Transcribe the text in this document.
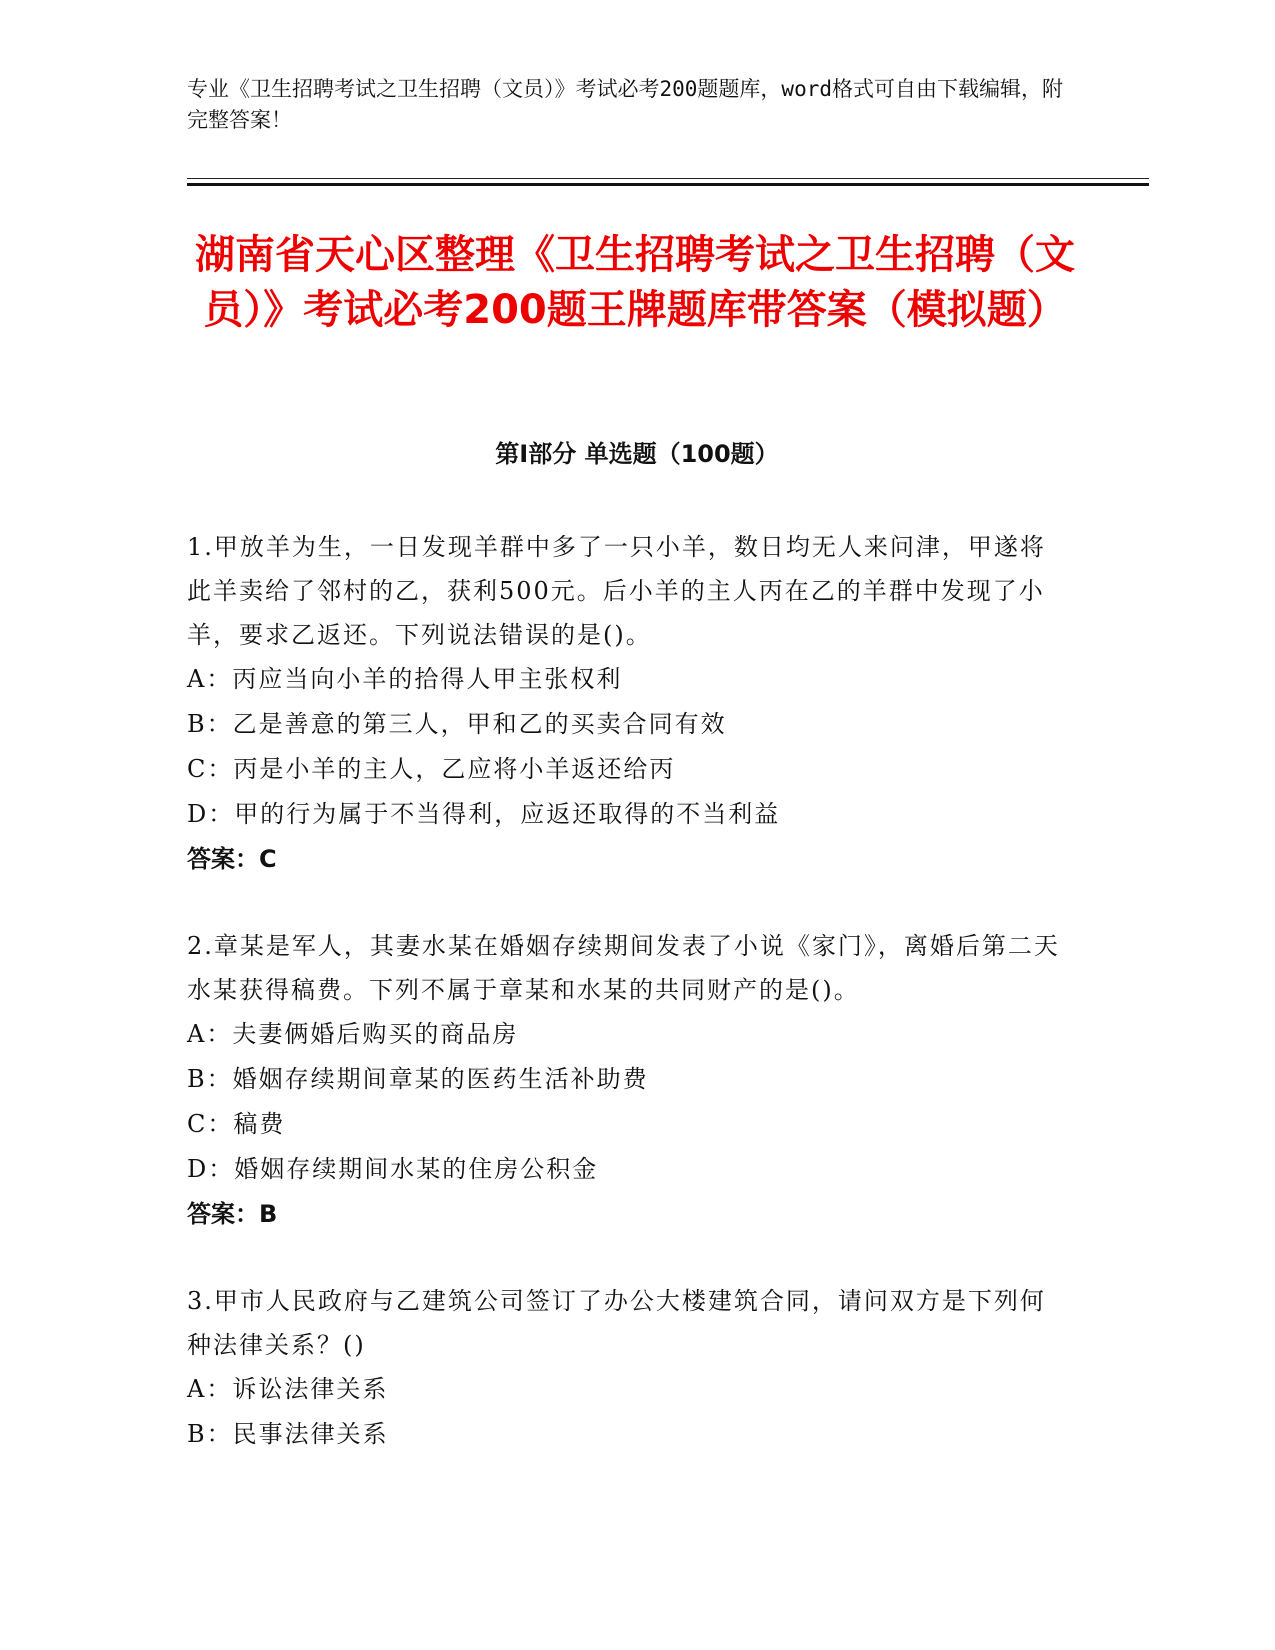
专业《卫生招聘考试之卫生招聘（文员）》考试必考200题题库，word格式可自由下载编辑，附完整答案！
湖南省天心区整理《卫生招聘考试之卫生招聘（文员）》考试必考200题王牌题库带答案（模拟题）
第Ⅰ部分 单选题（100题）
1.甲放羊为生，一日发现羊群中多了一只小羊，数日均无人来问津，甲遂将此羊卖给了邻村的乙，获利500元。后小羊的主人丙在乙的羊群中发现了小羊，要求乙返还。下列说法错误的是()。
A：丙应当向小羊的拾得人甲主张权利
B：乙是善意的第三人，甲和乙的买卖合同有效
C：丙是小羊的主人，乙应将小羊返还给丙
D：甲的行为属于不当得利，应返还取得的不当利益
答案：C
2.章某是军人，其妻水某在婚姻存续期间发表了小说《家门》，离婚后第二天水某获得稿费。下列不属于章某和水某的共同财产的是()。
A：夫妻俩婚后购买的商品房
B：婚姻存续期间章某的医药生活补助费
C：稿费
D：婚姻存续期间水某的住房公积金
答案：B
3.甲市人民政府与乙建筑公司签订了办公大楼建筑合同，请问双方是下列何种法律关系？()
A：诉讼法律关系
B：民事法律关系
